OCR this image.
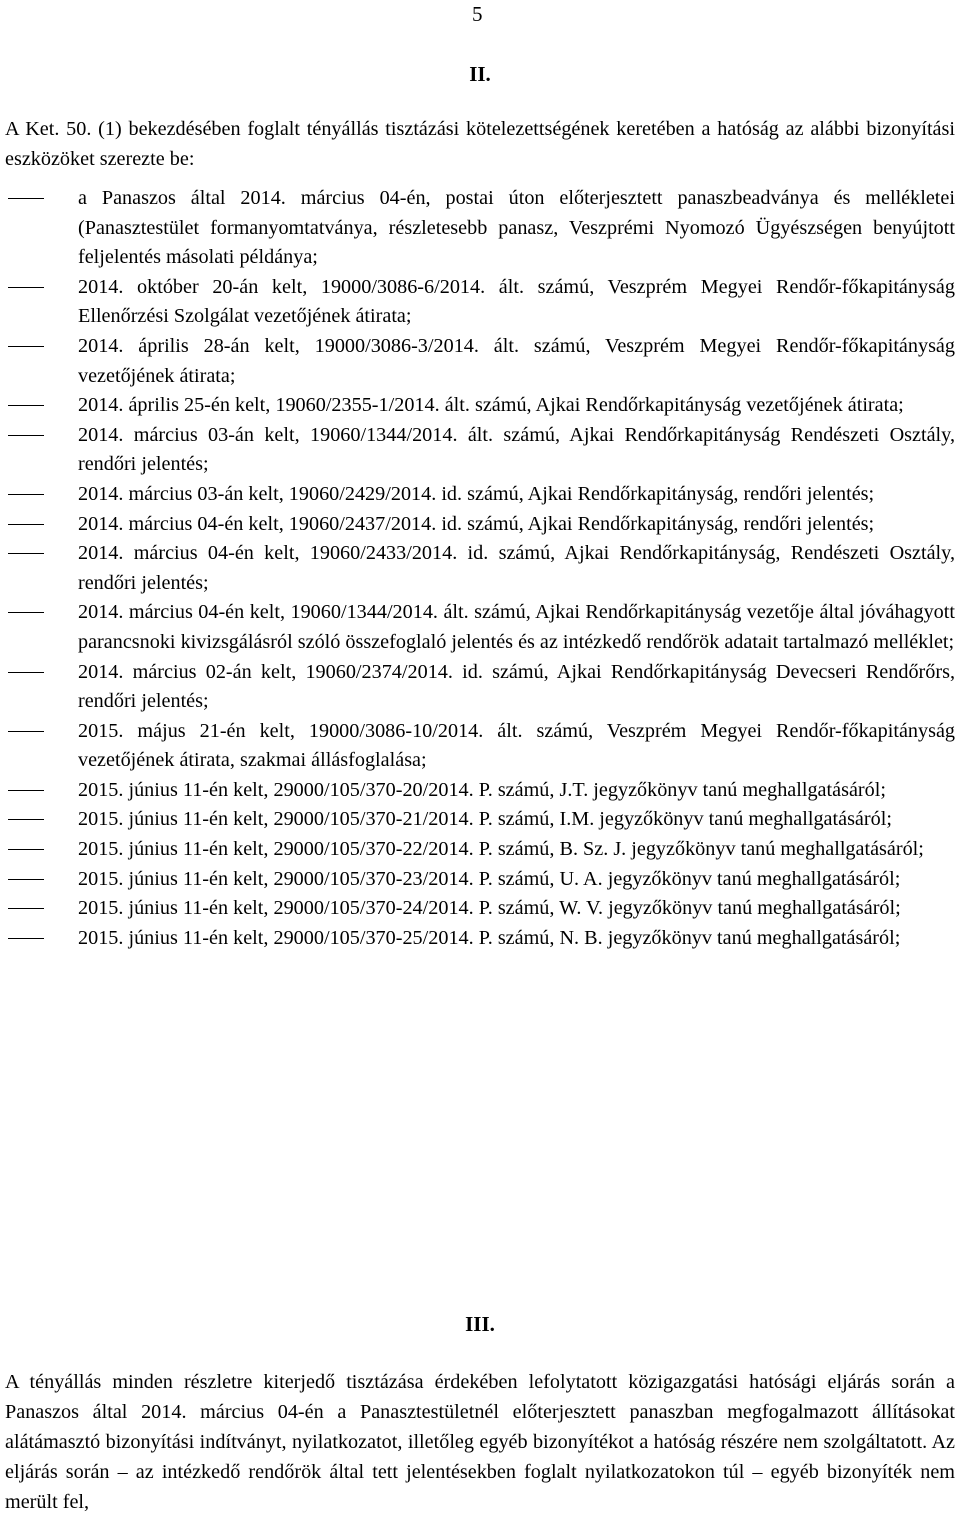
5
II.
A Ket. 50. (1) bekezdésében foglalt tényállás tisztázási kötelezettségének keretében a hatóság az alábbi bizonyítási eszközöket szerezte be:
a Panaszos által 2014. március 04-én, postai úton előterjesztett panaszbeadványa és mellékletei (Panasztestület formanyomtatványa, részletesebb panasz, Veszprémi Nyomozó Ügyészségen benyújtott feljelentés másolati példánya;
2014. október 20-án kelt, 19000/3086-6/2014. ált. számú, Veszprém Megyei Rendőr-főkapitányság Ellenőrzési Szolgálat vezetőjének átirata;
2014. április 28-án kelt, 19000/3086-3/2014. ált. számú, Veszprém Megyei Rendőr-főkapitányság vezetőjének átirata;
2014. április 25-én kelt, 19060/2355-1/2014. ált. számú, Ajkai Rendőrkapitányság vezetőjének átirata;
2014. március 03-án kelt, 19060/1344/2014. ált. számú, Ajkai Rendőrkapitányság Rendészeti Osztály, rendőri jelentés;
2014. március 03-án kelt, 19060/2429/2014. id. számú, Ajkai Rendőrkapitányság, rendőri jelentés;
2014. március 04-én kelt, 19060/2437/2014. id. számú, Ajkai Rendőrkapitányság, rendőri jelentés;
2014. március 04-én kelt, 19060/2433/2014. id. számú, Ajkai Rendőrkapitányság, Rendészeti Osztály, rendőri jelentés;
2014. március 04-én kelt, 19060/1344/2014. ált. számú, Ajkai Rendőrkapitányság vezetője által jóváhagyott parancsnoki kivizsgálásról szóló összefoglaló jelentés és az intézkedő rendőrök adatait tartalmazó melléklet;
2014. március 02-án kelt, 19060/2374/2014. id. számú, Ajkai Rendőrkapitányság Devecseri Rendőrőrs, rendőri jelentés;
2015. május 21-én kelt, 19000/3086-10/2014. ált. számú, Veszprém Megyei Rendőr-főkapitányság vezetőjének átirata, szakmai állásfoglalása;
2015. június 11-én kelt, 29000/105/370-20/2014. P. számú, J.T. jegyzőkönyv tanú meghallgatásáról;
2015. június 11-én kelt, 29000/105/370-21/2014. P. számú, I.M. jegyzőkönyv tanú meghallgatásáról;
2015. június 11-én kelt, 29000/105/370-22/2014. P. számú, B. Sz. J. jegyzőkönyv tanú meghallgatásáról;
2015. június 11-én kelt, 29000/105/370-23/2014. P. számú, U. A. jegyzőkönyv tanú meghallgatásáról;
2015. június 11-én kelt, 29000/105/370-24/2014. P. számú, W. V. jegyzőkönyv tanú meghallgatásáról;
2015. június 11-én kelt, 29000/105/370-25/2014. P. számú, N. B. jegyzőkönyv tanú meghallgatásáról;
III.
A tényállás minden részletre kiterjedő tisztázása érdekében lefolytatott közigazgatási hatósági eljárás során a Panaszos által 2014. március 04-én a Panasztestületnél előterjesztett panaszban megfogalmazott állításokat alátámasztó bizonyítási indítványt, nyilatkozatot, illetőleg egyéb bizonyítékot a hatóság részére nem szolgáltatott. Az eljárás során – az intézkedő rendőrök által tett jelentésekben foglalt nyilatkozatokon túl – egyéb bizonyíték nem merült fel,
